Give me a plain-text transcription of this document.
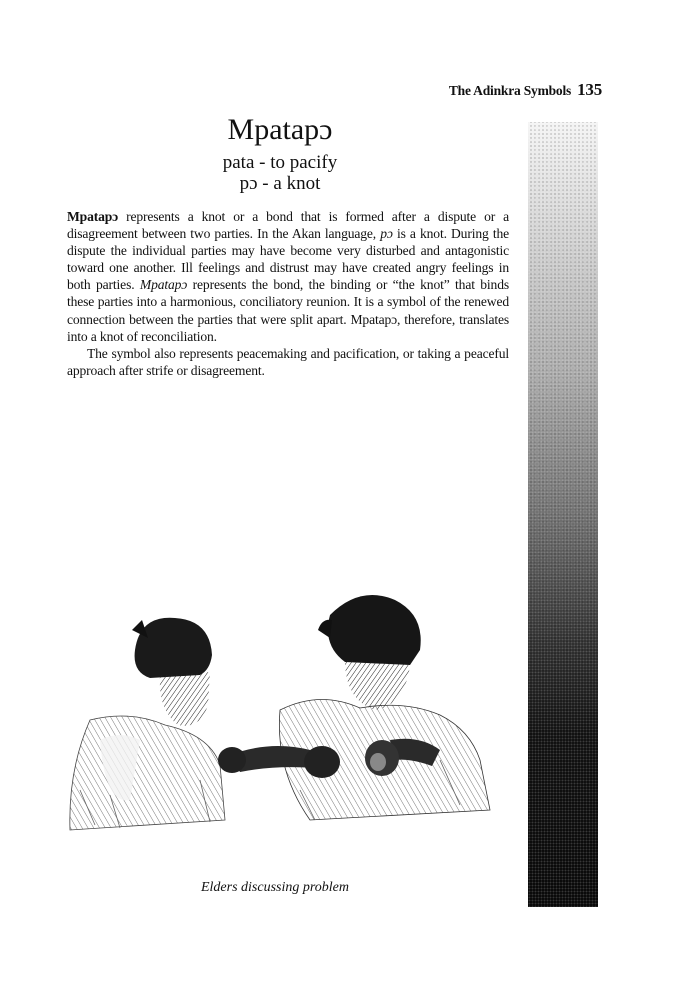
The Adinkra Symbols 135
Mpatapɔ
pata - to pacify
pɔ - a knot

Mpatapɔ represents a knot or a bond that is formed after a dispute or a disagreement between two parties. In the Akan language, pɔ is a knot. During the dispute the individual parties may have become very disturbed and antagonistic toward one another. Ill feelings and distrust may have created angry feelings in both parties. Mpatapɔ represents the bond, the binding or “the knot” that binds these parties into a harmonious, conciliatory reunion. It is a symbol of the renewed connection between the parties that were split apart. Mpatapɔ, therefore, translates into a knot of reconciliation.

The symbol also represents peacemaking and pacification, or taking a peaceful approach after strife or disagreement.

Elders discussing problem
